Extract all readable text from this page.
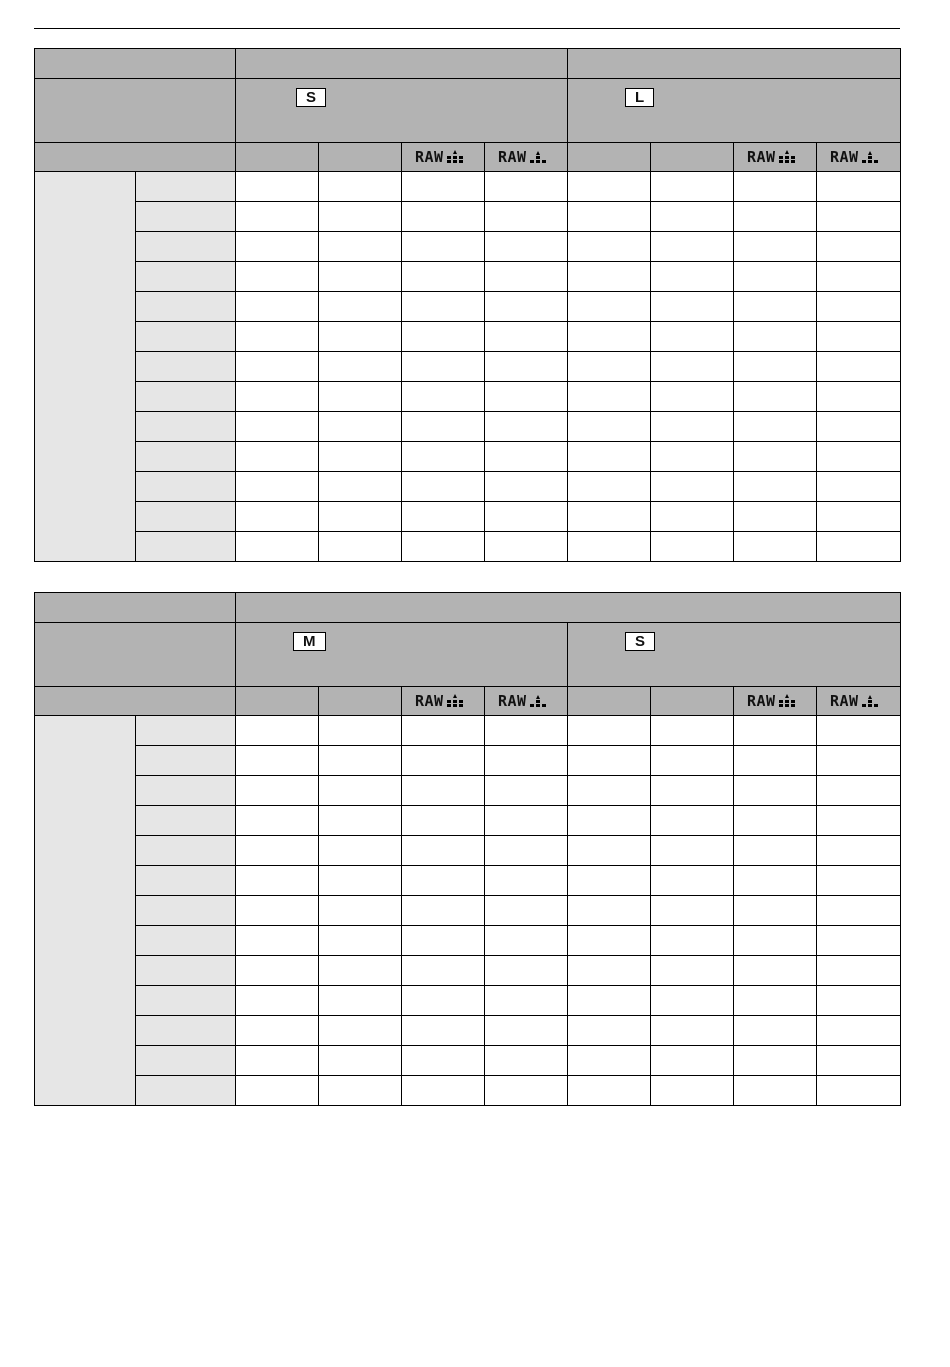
		S				L			

				RAW	RAW			RAW	RAW

		M				S			

				RAW	RAW			RAW	RAW
